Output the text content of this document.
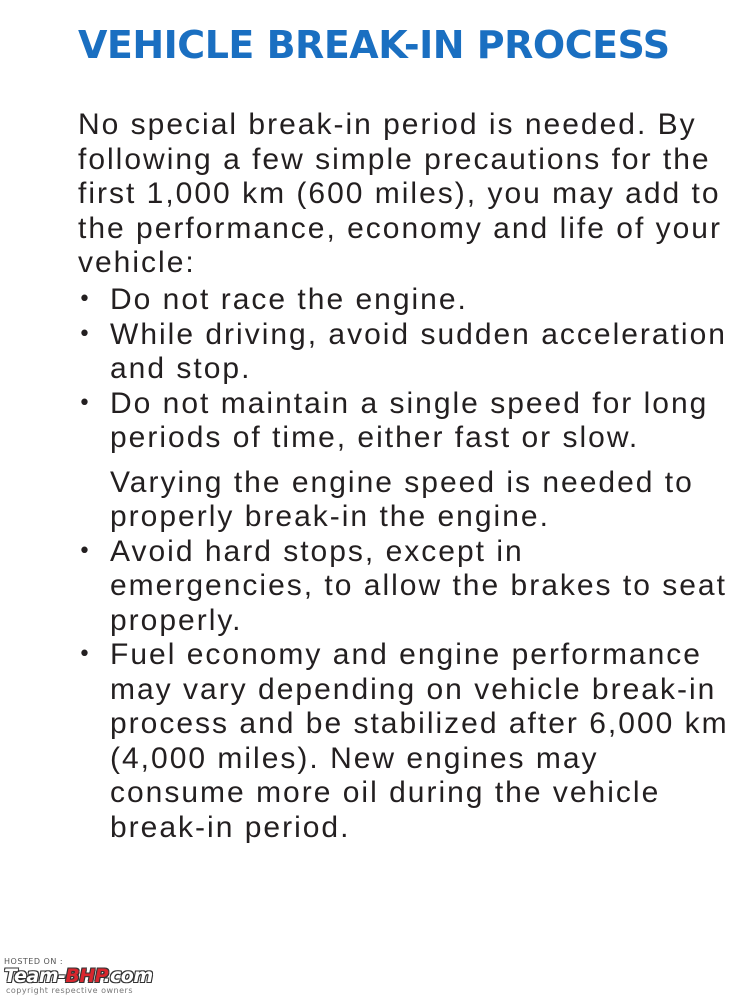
VEHICLE BREAK-IN PROCESS

No special break-in period is needed. By following a few simple precautions for the first 1,000 km (600 miles), you may add to the performance, economy and life of your vehicle:

• Do not race the engine.

• While driving, avoid sudden acceleration and stop.

• Do not maintain a single speed for long periods of time, either fast or slow.

Varying the engine speed is needed to properly break-in the engine.

• Avoid hard stops, except in emergencies, to allow the brakes to seat properly.

• Fuel economy and engine performance may vary depending on vehicle break-in process and be stabilized after 6,000 km (4,000 miles). New engines may consume more oil during the vehicle break-in period.

HOSTED ON :
Team-BHP.com
copyright respective owners
